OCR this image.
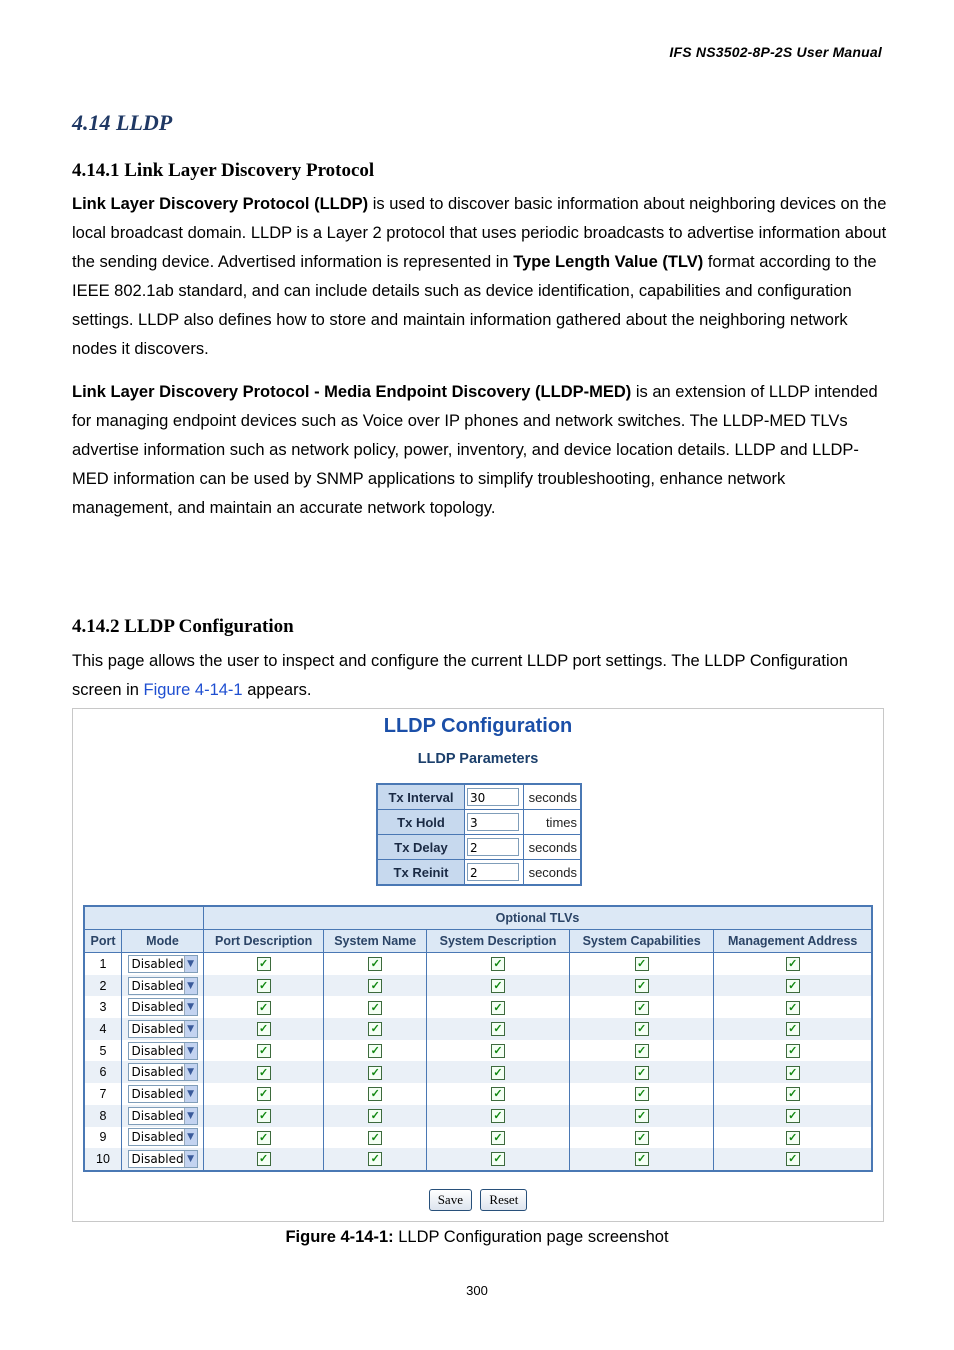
IFS NS3502-8P-2S User Manual
4.14 LLDP
4.14.1 Link Layer Discovery Protocol
Link Layer Discovery Protocol (LLDP) is used to discover basic information about neighboring devices on the local broadcast domain. LLDP is a Layer 2 protocol that uses periodic broadcasts to advertise information about the sending device. Advertised information is represented in Type Length Value (TLV) format according to the IEEE 802.1ab standard, and can include details such as device identification, capabilities and configuration settings. LLDP also defines how to store and maintain information gathered about the neighboring network nodes it discovers.
Link Layer Discovery Protocol - Media Endpoint Discovery (LLDP-MED) is an extension of LLDP intended for managing endpoint devices such as Voice over IP phones and network switches. The LLDP-MED TLVs advertise information such as network policy, power, inventory, and device location details. LLDP and LLDP-MED information can be used by SNMP applications to simplify troubleshooting, enhance network management, and maintain an accurate network topology.
4.14.2 LLDP Configuration
This page allows the user to inspect and configure the current LLDP port settings. The LLDP Configuration screen in Figure 4-14-1 appears.
LLDP Configuration
LLDP Parameters
Tx Interval	30	seconds
Tx Hold	3	times
Tx Delay	2	seconds
Tx Reinit	2	seconds
		Optional TLVs				
Port	Mode	Port Description	System Name	System Description	System Capabilities	Management Address
1	Disabled ▼	✓	✓	✓	✓	✓
2	Disabled ▼	✓	✓	✓	✓	✓
3	Disabled ▼	✓	✓	✓	✓	✓
4	Disabled ▼	✓	✓	✓	✓	✓
5	Disabled ▼	✓	✓	✓	✓	✓
6	Disabled ▼	✓	✓	✓	✓	✓
7	Disabled ▼	✓	✓	✓	✓	✓
8	Disabled ▼	✓	✓	✓	✓	✓
9	Disabled ▼	✓	✓	✓	✓	✓
10	Disabled ▼	✓	✓	✓	✓	✓
Save Reset
Figure 4-14-1: LLDP Configuration page screenshot
300
